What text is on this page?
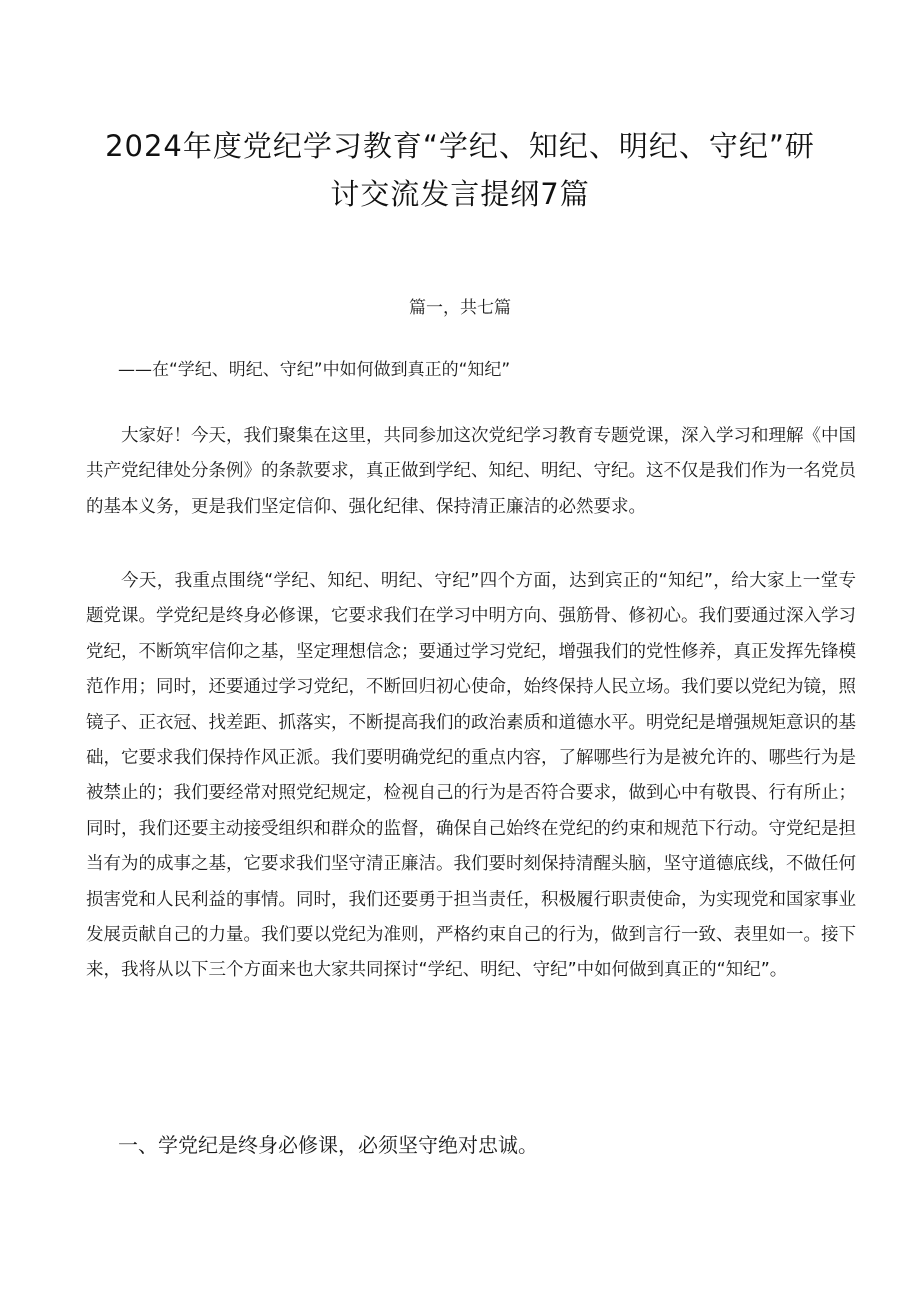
2024年度党纪学习教育“学纪、知纪、明纪、守纪”研讨交流发言提纲7篇

篇一，共七篇

——在“学纪、明纪、守纪”中如何做到真正的“知纪”

大家好！今天，我们聚集在这里，共同参加这次党纪学习教育专题党课，深入学习和理解《中国共产党纪律处分条例》的条款要求，真正做到学纪、知纪、明纪、守纪。这不仅是我们作为一名党员的基本义务，更是我们坚定信仰、强化纪律、保持清正廉洁的必然要求。

今天，我重点围绕“学纪、知纪、明纪、守纪”四个方面，达到宾正的“知纪”，给大家上一堂专题党课。学党纪是终身必修课，它要求我们在学习中明方向、强筋骨、修初心。我们要通过深入学习党纪，不断筑牢信仰之基，坚定理想信念；要通过学习党纪，增强我们的党性修养，真正发挥先锋模范作用；同时，还要通过学习党纪，不断回归初心使命，始终保持人民立场。我们要以党纪为镜，照镜子、正衣冠、找差距、抓落实，不断提高我们的政治素质和道德水平。明党纪是增强规矩意识的基础，它要求我们保持作风正派。我们要明确党纪的重点内容，了解哪些行为是被允许的、哪些行为是被禁止的；我们要经常对照党纪规定，检视自己的行为是否符合要求，做到心中有敬畏、行有所止；同时，我们还要主动接受组织和群众的监督，确保自己始终在党纪的约束和规范下行动。守党纪是担当有为的成事之基，它要求我们坚守清正廉洁。我们要时刻保持清醒头脑，坚守道德底线，不做任何损害党和人民利益的事情。同时，我们还要勇于担当责任，积极履行职责使命，为实现党和国家事业发展贡献自己的力量。我们要以党纪为准则，严格约束自己的行为，做到言行一致、表里如一。接下来，我将从以下三个方面来也大家共同探讨“学纪、明纪、守纪”中如何做到真正的“知纪”。

一、学党纪是终身必修课，必须坚守绝对忠诚。
